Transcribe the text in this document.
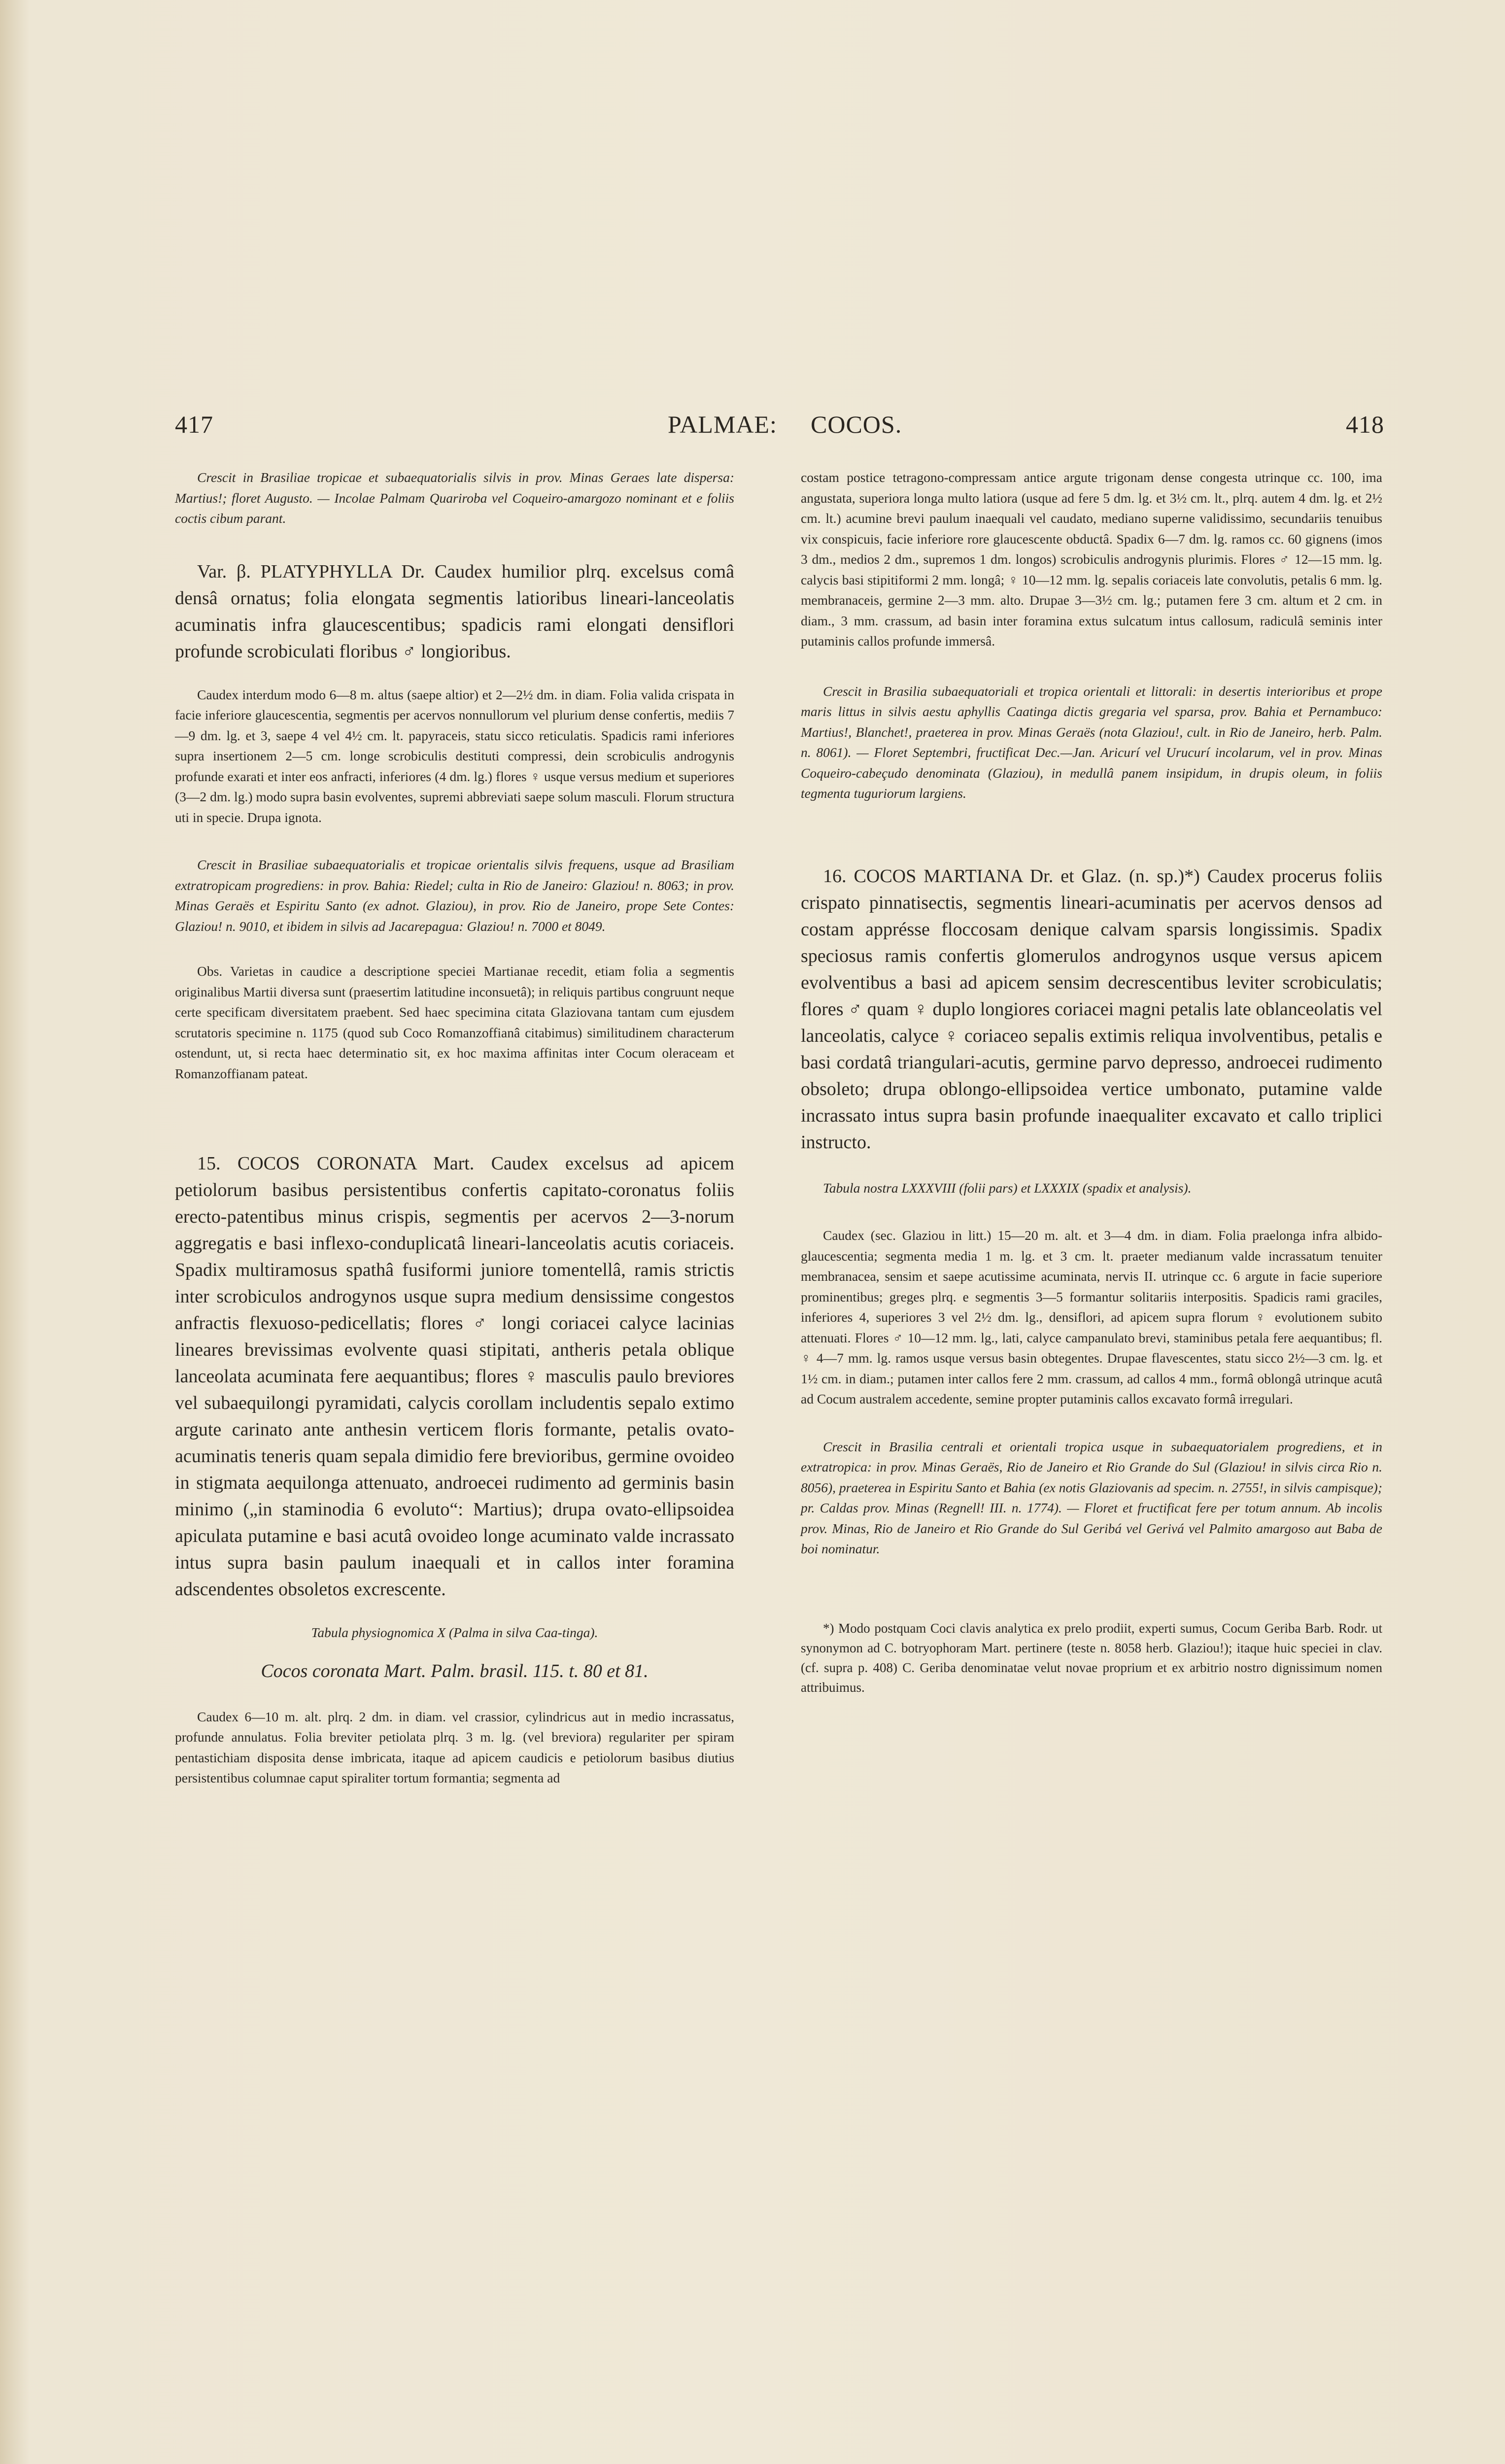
417	PALMAE: COCOS.	418

Crescit in Brasiliae tropicae et subaequatorialis silvis in prov. Minas Geraes late dispersa: Martius!; floret Augusto. — Incolae Palmam Quariroba vel Coqueiro-amargozo nominant et e foliis coctis cibum parant.

Var. β. PLATYPHYLLA Dr. Caudex humilior plrq. excelsus comâ densâ ornatus; folia elongata segmentis latioribus lineari-lanceolatis acuminatis infra glaucescentibus; spadicis rami elongati densiflori profunde scrobiculati floribus ♂ longioribus.

Caudex interdum modo 6—8 m. altus (saepe altior) et 2—2½ dm. in diam. Folia valida crispata in facie inferiore glaucescentia, segmentis per acervos nonnullorum vel plurium dense confertis, mediis 7—9 dm. lg. et 3, saepe 4 vel 4½ cm. lt. papyraceis, statu sicco reticulatis. Spadicis rami inferiores supra insertionem 2—5 cm. longe scrobiculis destituti compressi, dein scrobiculis androgynis profunde exarati et inter eos anfracti, inferiores (4 dm. lg.) flores ♀ usque versus medium et superiores (3—2 dm. lg.) modo supra basin evolventes, supremi abbreviati saepe solum masculi. Florum structura uti in specie. Drupa ignota.

Crescit in Brasiliae subaequatorialis et tropicae orientalis silvis frequens, usque ad Brasiliam extratropicam progrediens: in prov. Bahia: Riedel; culta in Rio de Janeiro: Glaziou! n. 8063; in prov. Minas Geraës et Espiritu Santo (ex adnot. Glaziou), in prov. Rio de Janeiro, prope Sete Contes: Glaziou! n. 9010, et ibidem in silvis ad Jacarepagua: Glaziou! n. 7000 et 8049.

Obs. Varietas in caudice a descriptione speciei Martianae recedit, etiam folia a segmentis originalibus Martii diversa sunt (praesertim latitudine inconsuetâ); in reliquis partibus congruunt neque certe specificam diversitatem praebent. Sed haec specimina citata Glaziovana tantam cum ejusdem scrutatoris specimine n. 1175 (quod sub Coco Romanzoffianâ citabimus) similitudinem characterum ostendunt, ut, si recta haec determinatio sit, ex hoc maxima affinitas inter Cocum oleraceam et Romanzoffianam pateat.

15. COCOS CORONATA Mart. Caudex excelsus ad apicem petiolorum basibus persistentibus confertis capitato-coronatus foliis erecto-patentibus minus crispis, segmentis per acervos 2—3-norum aggregatis e basi inflexo-conduplicatâ lineari-lanceolatis acutis coriaceis. Spadix multiramosus spathâ fusiformi juniore tomentellâ, ramis strictis inter scrobiculos androgynos usque supra medium densissime congestos anfractis flexuoso-pedicellatis; flores ♂ longi coriacei calyce lacinias lineares brevissimas evolvente quasi stipitati, antheris petala oblique lanceolata acuminata fere aequantibus; flores ♀ masculis paulo breviores vel subaequilongi pyramidati, calycis corollam includentis sepalo extimo argute carinato ante anthesin verticem floris formante, petalis ovato-acuminatis teneris quam sepala dimidio fere brevioribus, germine ovoideo in stigmata aequilonga attenuato, androecei rudimento ad germinis basin minimo („in staminodia 6 evoluto“: Martius); drupa ovato-ellipsoidea apiculata putamine e basi acutâ ovoideo longe acuminato valde incrassato intus supra basin paulum inaequali et in callos inter foramina adscendentes obsoletos excrescente.

Tabula physiognomica X (Palma in silva Caa-tinga).

Cocos coronata Mart. Palm. brasil. 115. t. 80 et 81.

Caudex 6—10 m. alt. plrq. 2 dm. in diam. vel crassior, cylindricus aut in medio incrassatus, profunde annulatus. Folia breviter petiolata plrq. 3 m. lg. (vel breviora) regulariter per spiram pentastichiam disposita dense imbricata, itaque ad apicem caudicis e petiolorum basibus diutius persistentibus columnae caput spiraliter tortum formantia; segmenta ad

costam postice tetragono-compressam antice argute trigonam dense congesta utrinque cc. 100, ima angustata, superiora longa multo latiora (usque ad fere 5 dm. lg. et 3½ cm. lt., plrq. autem 4 dm. lg. et 2½ cm. lt.) acumine brevi paulum inaequali vel caudato, mediano superne validissimo, secundariis tenuibus vix conspicuis, facie inferiore rore glaucescente obductâ. Spadix 6—7 dm. lg. ramos cc. 60 gignens (imos 3 dm., medios 2 dm., supremos 1 dm. longos) scrobiculis androgynis plurimis. Flores ♂ 12—15 mm. lg. calycis basi stipitiformi 2 mm. longâ; ♀ 10—12 mm. lg. sepalis coriaceis late convolutis, petalis 6 mm. lg. membranaceis, germine 2—3 mm. alto. Drupae 3—3½ cm. lg.; putamen fere 3 cm. altum et 2 cm. in diam., 3 mm. crassum, ad basin inter foramina extus sulcatum intus callosum, radiculâ seminis inter putaminis callos profunde immersâ.

Crescit in Brasilia subaequatoriali et tropica orientali et littorali: in desertis interioribus et prope maris littus in silvis aestu aphyllis Caatinga dictis gregaria vel sparsa, prov. Bahia et Pernambuco: Martius!, Blanchet!, praeterea in prov. Minas Geraës (nota Glaziou!, cult. in Rio de Janeiro, herb. Palm. n. 8061). — Floret Septembri, fructificat Dec.—Jan. Aricurí vel Urucurí incolarum, vel in prov. Minas Coqueiro-cabeçudo denominata (Glaziou), in medullâ panem insipidum, in drupis oleum, in foliis tegmenta tuguriorum largiens.

16. COCOS MARTIANA Dr. et Glaz. (n. sp.)*) Caudex procerus foliis crispato pinnatisectis, segmentis lineari-acuminatis per acervos densos ad costam apprésse floccosam denique calvam sparsis longissimis. Spadix speciosus ramis confertis glomerulos androgynos usque versus apicem evolventibus a basi ad apicem sensim decrescentibus leviter scrobiculatis; flores ♂ quam ♀ duplo longiores coriacei magni petalis late oblanceolatis vel lanceolatis, calyce ♀ coriaceo sepalis extimis reliqua involventibus, petalis e basi cordatâ triangulari-acutis, germine parvo depresso, androecei rudimento obsoleto; drupa oblongo-ellipsoidea vertice umbonato, putamine valde incrassato intus supra basin profunde inaequaliter excavato et callo triplici instructo.

Tabula nostra LXXXVIII (folii pars) et LXXXIX (spadix et analysis).

Caudex (sec. Glaziou in litt.) 15—20 m. alt. et 3—4 dm. in diam. Folia praelonga infra albido-glaucescentia; segmenta media 1 m. lg. et 3 cm. lt. praeter medianum valde incrassatum tenuiter membranacea, sensim et saepe acutissime acuminata, nervis II. utrinque cc. 6 argute in facie superiore prominentibus; greges plrq. e segmentis 3—5 formantur solitariis interpositis. Spadicis rami graciles, inferiores 4, superiores 3 vel 2½ dm. lg., densiflori, ad apicem supra florum ♀ evolutionem subito attenuati. Flores ♂ 10—12 mm. lg., lati, calyce campanulato brevi, staminibus petala fere aequantibus; fl. ♀ 4—7 mm. lg. ramos usque versus basin obtegentes. Drupae flavescentes, statu sicco 2½—3 cm. lg. et 1½ cm. in diam.; putamen inter callos fere 2 mm. crassum, ad callos 4 mm., formâ oblongâ utrinque acutâ ad Cocum australem accedente, semine propter putaminis callos excavato formâ irregulari.

Crescit in Brasilia centrali et orientali tropica usque in subaequatorialem progrediens, et in extratropica: in prov. Minas Geraës, Rio de Janeiro et Rio Grande do Sul (Glaziou! in silvis circa Rio n. 8056), praeterea in Espiritu Santo et Bahia (ex notis Glaziovanis ad specim. n. 2755!, in silvis campisque); pr. Caldas prov. Minas (Regnell! III. n. 1774). — Floret et fructificat fere per totum annum. Ab incolis prov. Minas, Rio de Janeiro et Rio Grande do Sul Geribá vel Gerivá vel Palmito amargoso aut Baba de boi nominatur.

*) Modo postquam Coci clavis analytica ex prelo prodiit, experti sumus, Cocum Geriba Barb. Rodr. ut synonymon ad C. botryophoram Mart. pertinere (teste n. 8058 herb. Glaziou!); itaque huic speciei in clav. (cf. supra p. 408) C. Geriba denominatae velut novae proprium et ex arbitrio nostro dignissimum nomen attribuimus.
